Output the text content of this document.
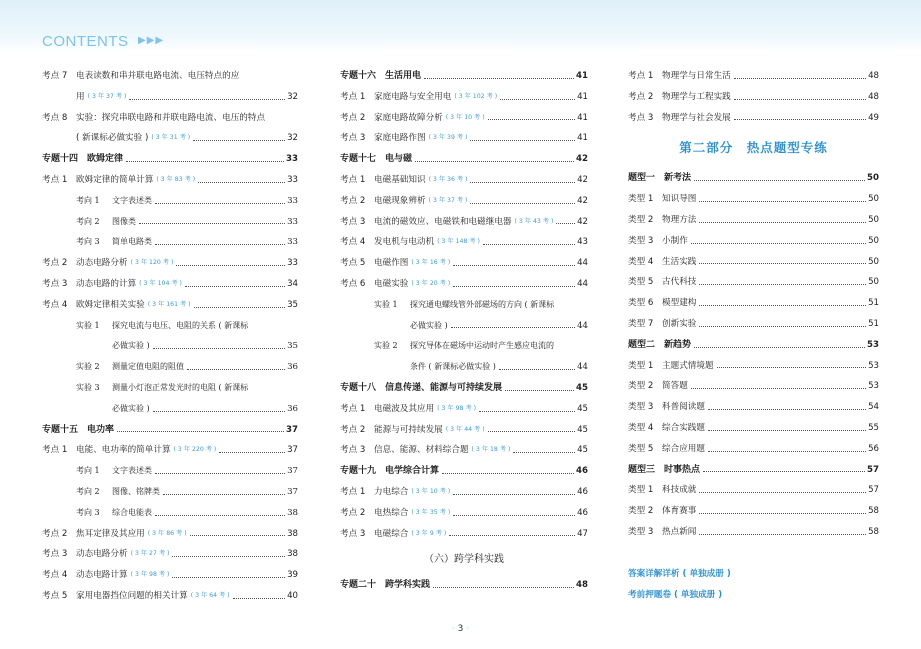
CONTENTS ▶▶▶
考点 7	电表读数和串并联电路电流、电压特点的应
用 ( 3 年 37 考 )	32
考点 8	实验：探究串联电路和并联电路电流、电压的特点
( 新课标必做实验 ) ( 3 年 31 考 )	32
专题十四 欧姆定律	33
考点 1	欧姆定律的简单计算 ( 3 年 83 考 )	33
考向 1	文字表述类	33
考向 2	图像类	33
考向 3	简单电路类	33
考点 2	动态电路分析 ( 3 年 120 考 )	33
考点 3	动态电路的计算 ( 3 年 104 考 )	34
考点 4	欧姆定律相关实验 ( 3 年 161 考 )	35
实验 1	探究电流与电压、电阻的关系 ( 新课标
必做实验 )	35
实验 2	测量定值电阻的阻值	36
实验 3	测量小灯泡正常发光时的电阻 ( 新课标
必做实验 )	36
专题十五 电功率	37
考点 1	电能、电功率的简单计算 ( 3 年 220 考 )	37
考向 1	文字表述类	37
考向 2	图像、铭牌类	37
考向 3	综合电能表	38
考点 2	焦耳定律及其应用 ( 3 年 86 考 )	38
考点 3	动态电路分析 ( 3 年 27 考 )	38
考点 4	动态电路计算 ( 3 年 98 考 )	39
考点 5	家用电器挡位问题的相关计算 ( 3 年 64 考 )	40
专题十六 生活用电	41
考点 1	家庭电路与安全用电 ( 3 年 102 考 )	41
考点 2	家庭电路故障分析 ( 3 年 10 考 )	41
考点 3	家庭电路作图 ( 3 年 39 考 )	41
专题十七 电与磁	42
考点 1	电磁基础知识 ( 3 年 36 考 )	42
考点 2	电磁现象辨析 ( 3 年 37 考 )	42
考点 3	电流的磁效应、电磁铁和电磁继电器 ( 3 年 43 考 )	42
考点 4	发电机与电动机 ( 3 年 148 考 )	43
考点 5	电磁作图 ( 3 年 16 考 )	44
考点 6	电磁实验 ( 3 年 20 考 )	44
实验 1	探究通电螺线管外部磁场的方向 ( 新课标
必做实验 )	44
实验 2	探究导体在磁场中运动时产生感应电流的
条件 ( 新课标必做实验 )	44
专题十八 信息传递、能源与可持续发展	45
考点 1	电磁波及其应用 ( 3 年 98 考 )	45
考点 2	能源与可持续发展 ( 3 年 44 考 )	45
考点 3	信息、能源、材料综合题 ( 3 年 18 考 )	45
专题十九 电学综合计算	46
考点 1	力电综合 ( 3 年 10 考 )	46
考点 2	电热综合 ( 3 年 35 考 )	46
考点 3	电磁综合 ( 3 年 9 考 )	47
（六）跨学科实践
专题二十 跨学科实践	48
考点 1	物理学与日常生活	48
考点 2	物理学与工程实践	48
考点 3	物理学与社会发展	49
第二部分　热点题型专练
题型一 新考法	50
类型 1	知识导图	50
类型 2	物理方法	50
类型 3	小制作	50
类型 4	生活实践	50
类型 5	古代科技	50
类型 6	模型建构	51
类型 7	创新实验	51
题型二 新趋势	53
类型 1	主题式情境题	53
类型 2	简答题	53
类型 3	科普阅读题	54
类型 4	综合实践题	55
类型 5	综合应用题	56
题型三 时事热点	57
类型 1	科技成就	57
类型 2	体育赛事	58
类型 3	热点新闻	58
答案详解详析 ( 单独成册 )
考前押题卷 ( 单独成册 )
◦ 3 ◦
